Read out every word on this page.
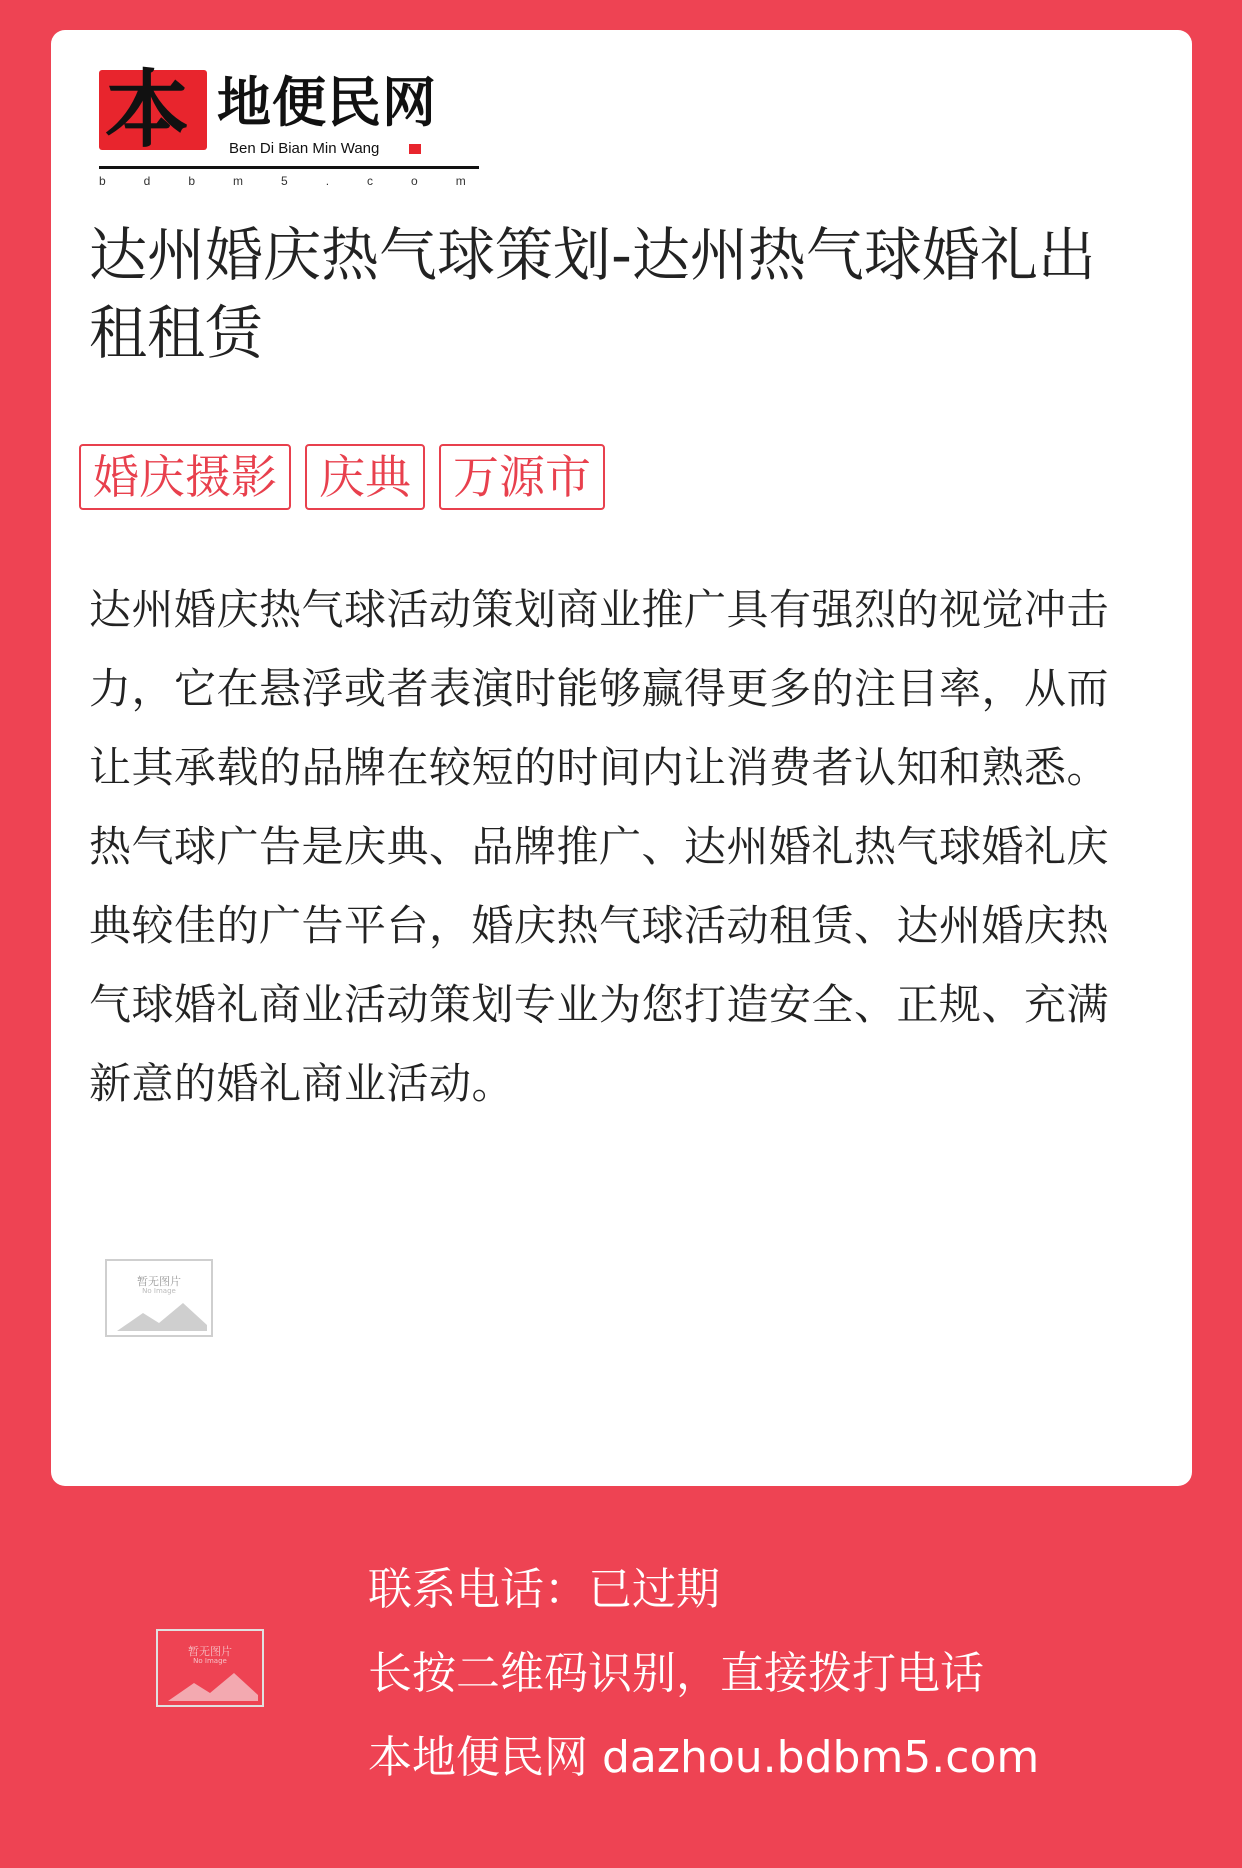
本 地便民网
Ben Di Bian Min Wang
bdbm5.com
达州婚庆热气球策划-达州热气球婚礼出租租赁
婚庆摄影 庆典 万源市

达州婚庆热气球活动策划商业推广具有强烈的视觉冲击力，它在悬浮或者表演时能够赢得更多的注目率，从而让其承载的品牌在较短的时间内让消费者认知和熟悉。热气球广告是庆典、品牌推广、达州婚礼热气球婚礼庆典较佳的广告平台，婚庆热气球活动租赁、达州婚庆热气球婚礼商业活动策划专业为您打造安全、正规、充满新意的婚礼商业活动。

暂无图片
No Image
暂无图片
No Image
联系电话：已过期
长按二维码识别，直接拨打电话
本地便民网 dazhou.bdbm5.com
